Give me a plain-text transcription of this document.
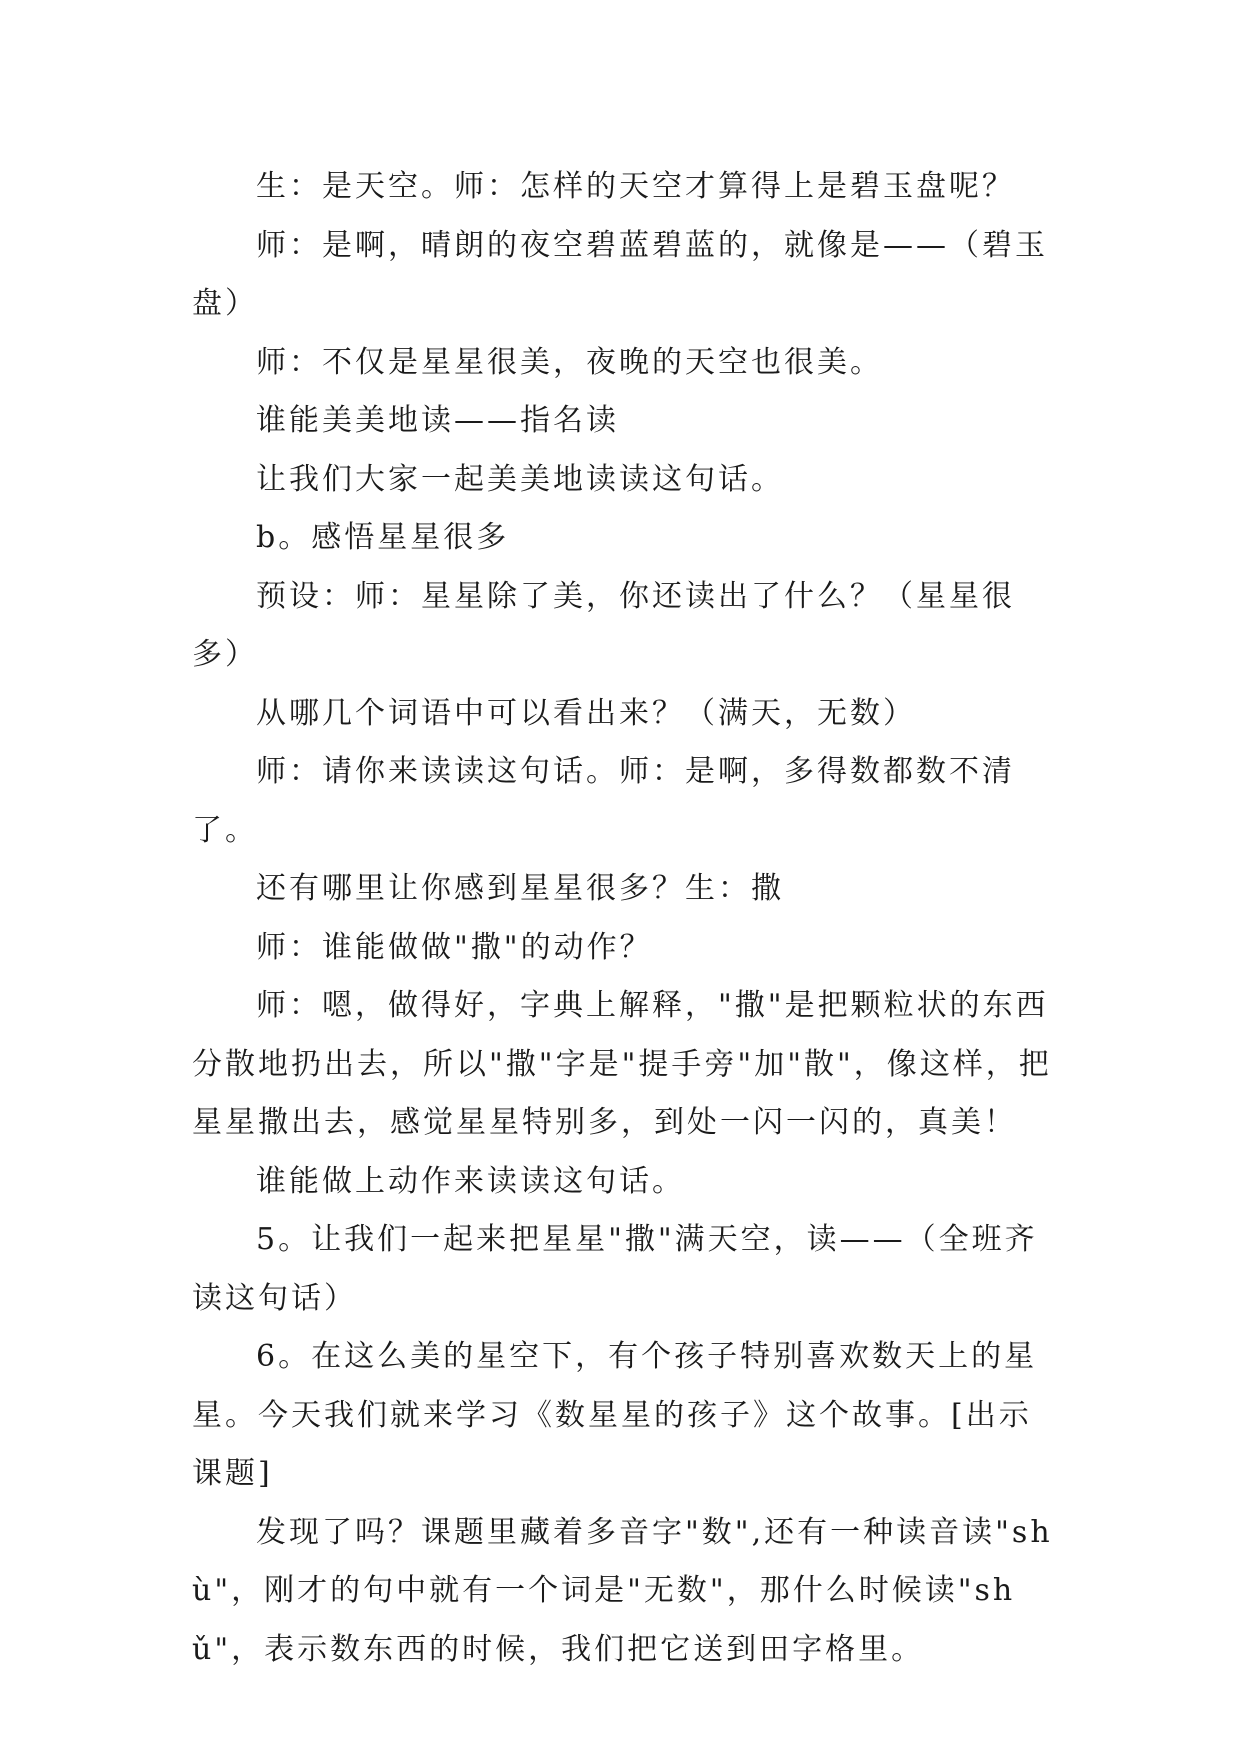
生：是天空。师：怎样的天空才算得上是碧玉盘呢？

师：是啊，晴朗的夜空碧蓝碧蓝的，就像是——（碧玉盘）

师：不仅是星星很美，夜晚的天空也很美。

谁能美美地读——指名读

让我们大家一起美美地读读这句话。

b。感悟星星很多

预设：师：星星除了美，你还读出了什么？（星星很多）

从哪几个词语中可以看出来？（满天，无数）

师：请你来读读这句话。师：是啊，多得数都数不清了。

还有哪里让你感到星星很多？生：撒

师：谁能做做"撒"的动作？

师：嗯，做得好，字典上解释，"撒"是把颗粒状的东西分散地扔出去，所以"撒"字是"提手旁"加"散"，像这样，把星星撒出去，感觉星星特别多，到处一闪一闪的，真美！

谁能做上动作来读读这句话。

5。让我们一起来把星星"撒"满天空，读——（全班齐读这句话）

6。在这么美的星空下，有个孩子特别喜欢数天上的星星。今天我们就来学习《数星星的孩子》这个故事。[出示课题]

发现了吗？课题里藏着多音字"数",还有一种读音读"shù"，刚才的句中就有一个词是"无数"，那什么时候读"shǔ"，表示数东西的时候，我们把它送到田字格里。
